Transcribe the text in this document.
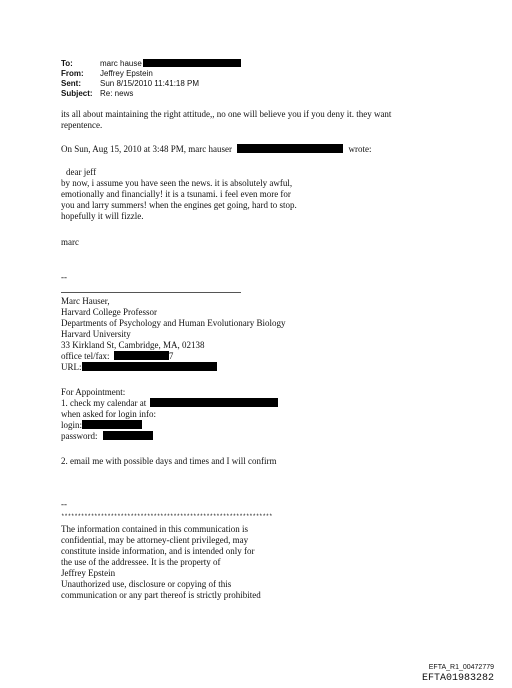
To:	marc hause
From:	Jeffrey Epstein
Sent:	Sun 8/15/2010 11:41:18 PM
Subject: Re: news
its all about maintaining the right attitude,, no one will believe you if you deny it. they want
repentence.
On Sun, Aug 15, 2010 at 3:48 PM, marc hauser	wrote:
dear jeff
by now, i assume you have seen the news. it is absolutely awful,
emotionally and financially! it is a tsunami. i feel even more for
you and larry summers! when the engines get going, hard to stop.
hopefully it will fizzle.
marc
--
Marc Hauser,
Harvard College Professor
Departments of Psychology and Human Evolutionary Biology
Harvard University
33 Kirkland St, Cambridge, MA, 02138
office tel/fax:	7
URL:
For Appointment:
1. check my calendar at
when asked for login info:
login:
password:
2. email me with possible days and times and I will confirm
--
****************************************************************
The information contained in this communication is
confidential, may be attorney-client privileged, may
constitute inside information, and is intended only for
the use of the addressee. It is the property of
Jeffrey Epstein
Unauthorized use, disclosure or copying of this
communication or any part thereof is strictly prohibited
EFTA_R1_00472779
EFTA01983282
